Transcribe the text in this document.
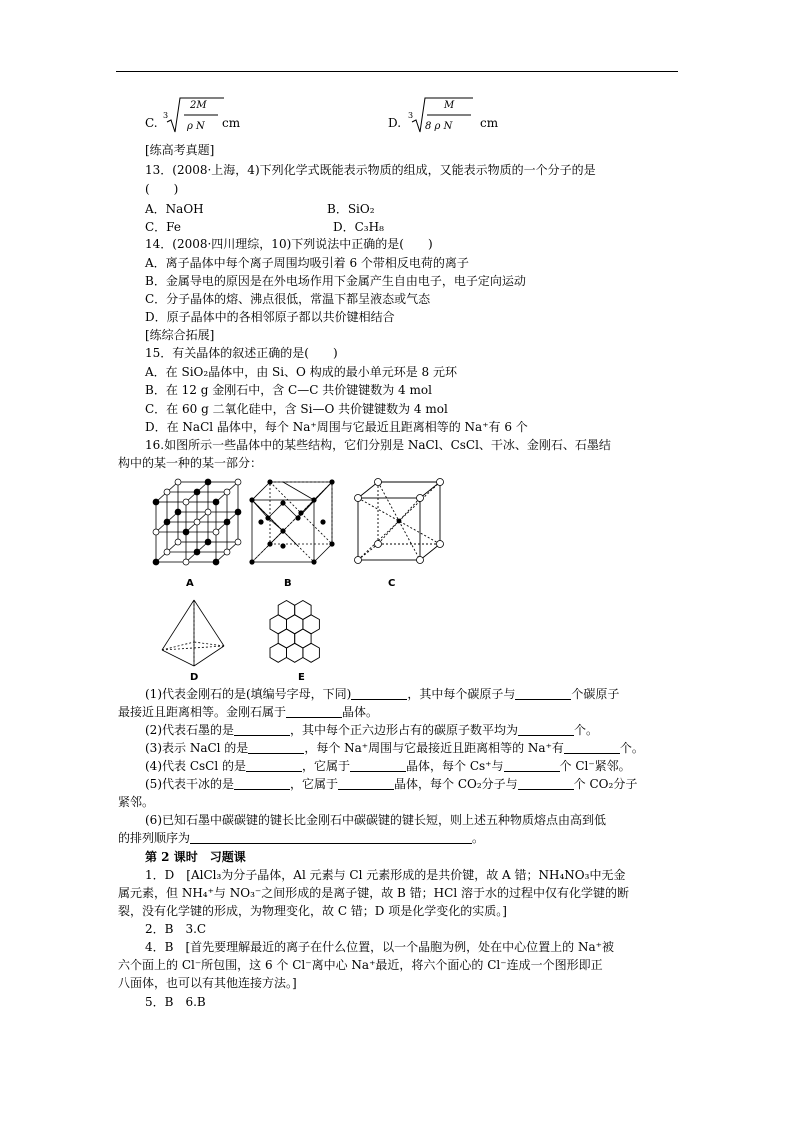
C.
3
2M
ρ N cm	D.
3
M
8 ρ N cm
[练高考真题]
13．(2008·上海，4)下列化学式既能表示物质的组成，又能表示物质的一个分子的是
(　　)
A．NaOH	B．SiO₂
C．Fe	D．C₃H₈
14．(2008·四川理综，10)下列说法中正确的是(　　)
A．离子晶体中每个离子周围均吸引着 6 个带相反电荷的离子
B．金属导电的原因是在外电场作用下金属产生自由电子，电子定向运动
C．分子晶体的熔、沸点很低，常温下都呈液态或气态
D．原子晶体中的各相邻原子都以共价键相结合
[练综合拓展]
15．有关晶体的叙述正确的是(　　)
A．在 SiO₂晶体中，由 Si、O 构成的最小单元环是 8 元环
B．在 12 g 金刚石中，含 C—C 共价键键数为 4 mol
C．在 60 g 二氧化硅中，含 Si—O 共价键键数为 4 mol
D．在 NaCl 晶体中，每个 Na⁺周围与它最近且距离相等的 Na⁺有 6 个
16.如图所示一些晶体中的某些结构，它们分别是 NaCl、CsCl、干冰、金刚石、石墨结
构中的某一种的某一部分：
A	B	C
D	E
(1)代表金刚石的是(填编号字母，下同)	，其中每个碳原子与	个碳原子
最接近且距离相等。金刚石属于	晶体。
(2)代表石墨的是	，其中每个正六边形占有的碳原子数平均为	个。
(3)表示 NaCl 的是	，每个 Na⁺周围与它最接近且距离相等的 Na⁺有	个。
(4)代表 CsCl 的是	，它属于	晶体，每个 Cs⁺与	个 Cl⁻紧邻。
(5)代表干冰的是	，它属于	晶体，每个 CO₂分子与	个 CO₂分子
紧邻。
(6)已知石墨中碳碳键的键长比金刚石中碳碳键的键长短，则上述五种物质熔点由高到低
的排列顺序为	。
第 2 课时　习题课
1．D　[AlCl₃为分子晶体，Al 元素与 Cl 元素形成的是共价键，故 A 错；NH₄NO₃中无金
属元素，但 NH₄⁺与 NO₃⁻之间形成的是离子键，故 B 错；HCl 溶于水的过程中仅有化学键的断
裂，没有化学键的形成，为物理变化，故 C 错；D 项是化学变化的实质。]
2．B　3.C
4．B　[首先要理解最近的离子在什么位置，以一个晶胞为例，处在中心位置上的 Na⁺被
六个面上的 Cl⁻所包围，这 6 个 Cl⁻离中心 Na⁺最近，将六个面心的 Cl⁻连成一个图形即正
八面体，也可以有其他连接方法。]
5．B　6.B
